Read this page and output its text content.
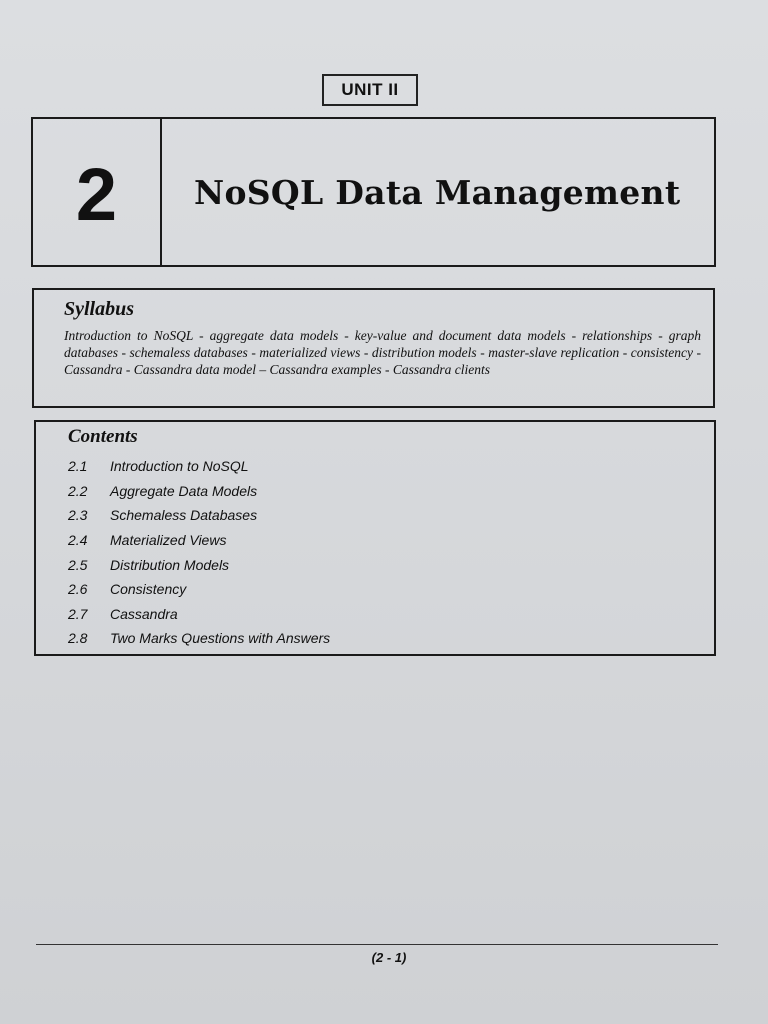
UNIT II
2	NoSQL Data Management
Syllabus
Introduction to NoSQL - aggregate data models - key-value and document data models - relationships - graph databases - schemaless databases - materialized views - distribution models - master-slave replication - consistency - Cassandra - Cassandra data model – Cassandra examples - Cassandra clients
Contents
2.1	Introduction to NoSQL
2.2	Aggregate Data Models
2.3	Schemaless Databases
2.4	Materialized Views
2.5	Distribution Models
2.6	Consistency
2.7	Cassandra
2.8	Two Marks Questions with Answers
(2 - 1)
